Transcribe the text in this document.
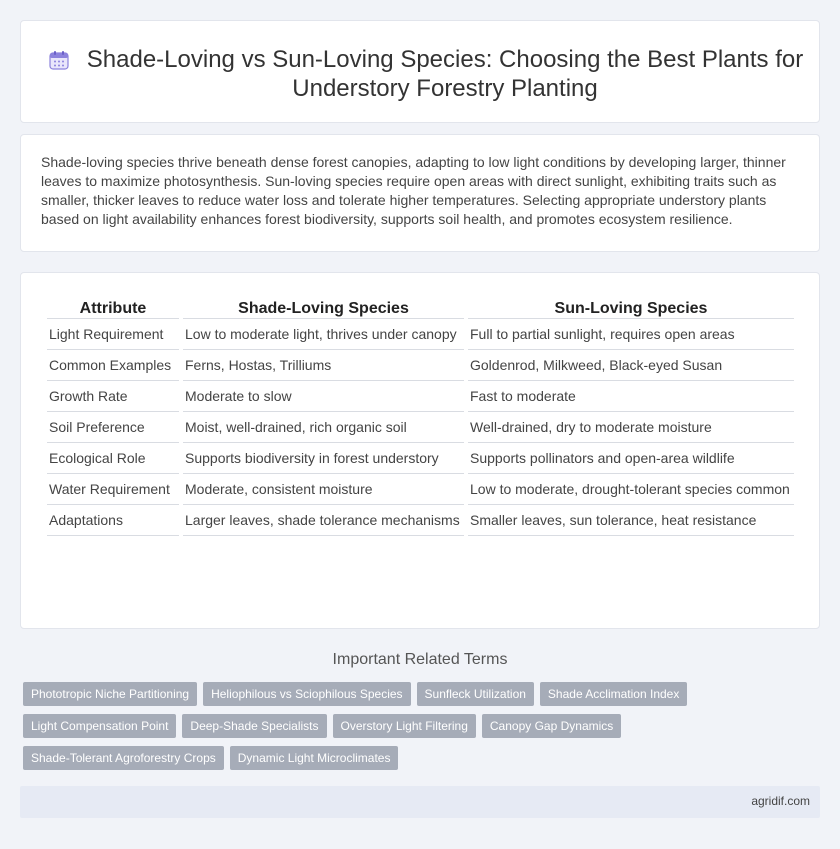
Shade-Loving vs Sun-Loving Species: Choosing the Best Plants for Understory Forestry Planting

Shade-loving species thrive beneath dense forest canopies, adapting to low light conditions by developing larger, thinner leaves to maximize photosynthesis. Sun-loving species require open areas with direct sunlight, exhibiting traits such as smaller, thicker leaves to reduce water loss and tolerate higher temperatures. Selecting appropriate understory plants based on light availability enhances forest biodiversity, supports soil health, and promotes ecosystem resilience.

Attribute	Shade-Loving Species	Sun-Loving Species
Light Requirement	Low to moderate light, thrives under canopy	Full to partial sunlight, requires open areas
Common Examples	Ferns, Hostas, Trilliums	Goldenrod, Milkweed, Black-eyed Susan
Growth Rate	Moderate to slow	Fast to moderate
Soil Preference	Moist, well-drained, rich organic soil	Well-drained, dry to moderate moisture
Ecological Role	Supports biodiversity in forest understory	Supports pollinators and open-area wildlife
Water Requirement	Moderate, consistent moisture	Low to moderate, drought-tolerant species common
Adaptations	Larger leaves, shade tolerance mechanisms	Smaller leaves, sun tolerance, heat resistance
Important Related Terms
Phototropic Niche Partitioning	Heliophilous vs Sciophilous Species	Sunfleck Utilization	Shade Acclimation Index
Light Compensation Point	Deep-Shade Specialists	Overstory Light Filtering	Canopy Gap Dynamics
Shade-Tolerant Agroforestry Crops	Dynamic Light Microclimates
agridif.com
